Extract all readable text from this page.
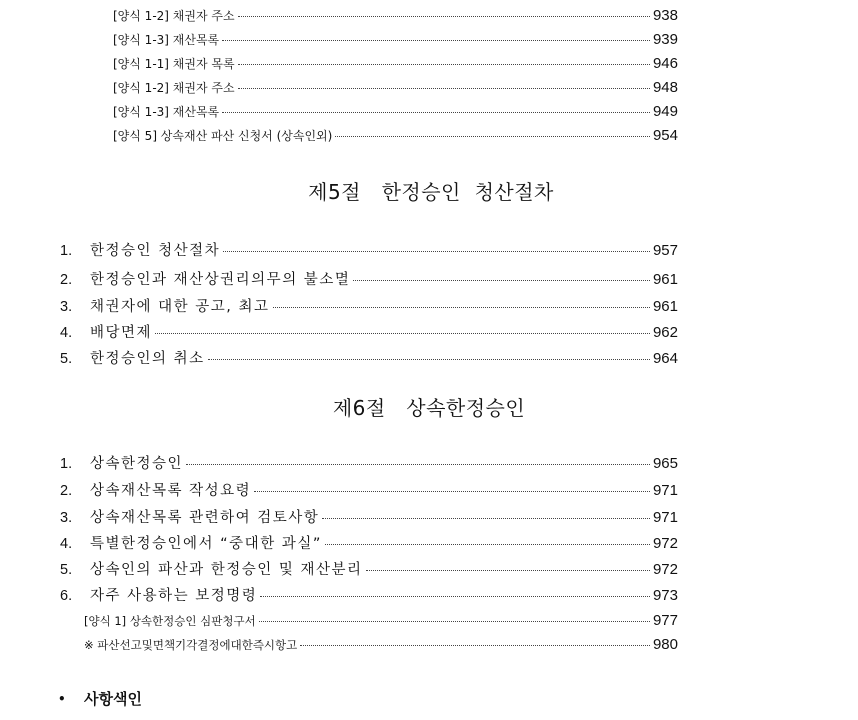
[양식 1-2] 채권자 주소	938
[양식 1-3] 재산목록	939
[양식 1-1] 채권자 목록	946
[양식 1-2] 채권자 주소	948
[양식 1-3] 재산목록	949
[양식 5] 상속재산 파산 신청서 (상속인외)	954
제5절   한정승인  청산절차
1. 한정승인 청산절차	957
2. 한정승인과 재산상권리의무의 불소멸	961
3. 채권자에 대한 공고, 최고	961
4. 배당면제	962
5. 한정승인의 취소	964
제6절   상속한정승인
1. 상속한정승인	965
2. 상속재산목록 작성요령	971
3. 상속재산목록 관련하여 검토사항	971
4. 특별한정승인에서 “중대한 과실”	972
5. 상속인의 파산과 한정승인 및 재산분리	972
6. 자주 사용하는 보정명령	973
[양식 1] 상속한정승인 심판청구서	977
※ 파산선고및면책기각결정에대한즉시항고	980
•	사항색인
